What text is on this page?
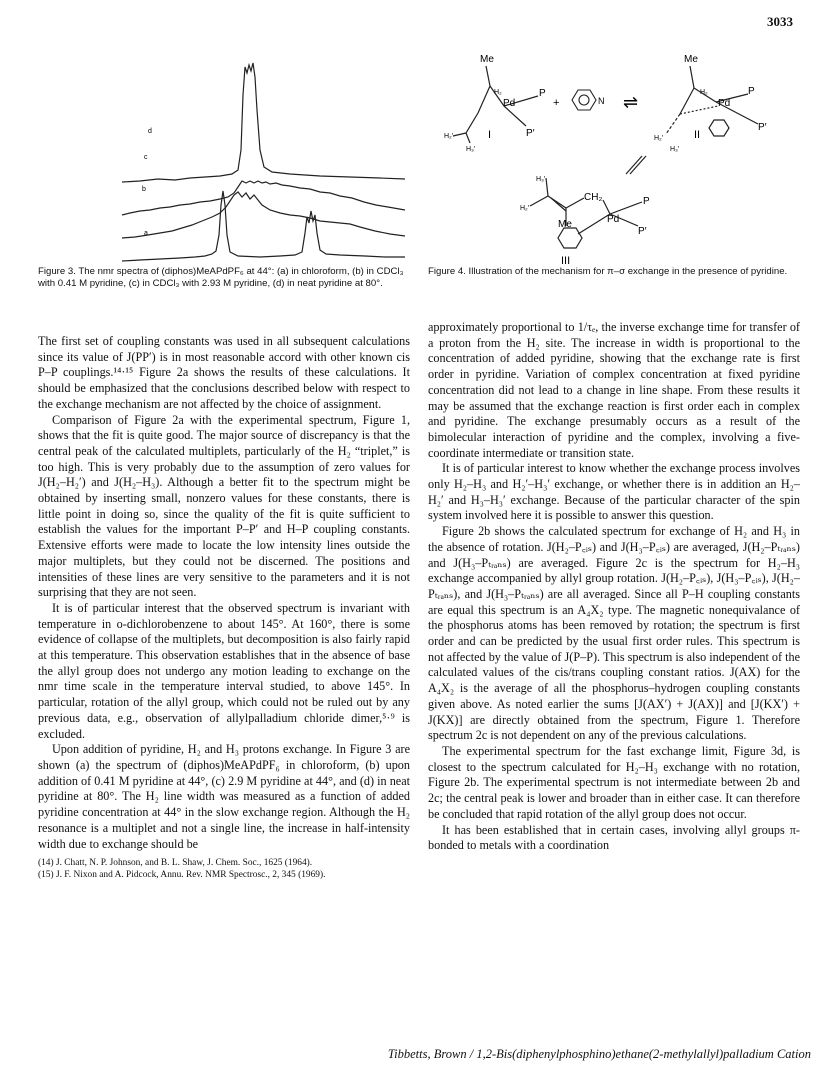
3033
d
c
b
a
Figure 3. The nmr spectra of (diphos)MeAPdPF₆ at 44°: (a) in chloroform, (b) in CDCl₃ with 0.41 M pyridine, (c) in CDCl₃ with 2.93 M pyridine, (d) in neat pyridine at 80°.
Me
Pd
P
P′
H₂
H₂′
H₃′
I
+	N ⇌
Me
Pd
P
P′
H₂
H₂′
H₃′
II
H₃′
H₂′
CH₂
Pd
P
P′
Me
III
Figure 4. Illustration of the mechanism for π–σ exchange in the presence of pyridine.

The first set of coupling constants was used in all subsequent calculations since its value of J(PP′) is in most reasonable accord with other known cis P–P couplings.¹⁴·¹⁵ Figure 2a shows the results of these calculations. It should be emphasized that the conclusions described below with respect to the exchange mechanism are not affected by the choice of assignment.

Comparison of Figure 2a with the experimental spectrum, Figure 1, shows that the fit is quite good. The major source of discrepancy is that the central peak of the calculated multiplets, particularly of the H₂ “triplet,” is too high. This is very probably due to the assumption of zero values for J(H₂–H₂′) and J(H₂–H₃). Although a better fit to the spectrum might be obtained by inserting small, nonzero values for these constants, there is little point in doing so, since the quality of the fit is quite sufficient to establish the values for the important P–P′ and H–P coupling constants. Extensive efforts were made to locate the low intensity lines outside the major multiplets, but they could not be discerned. The positions and intensities of these lines are very sensitive to the parameters and it is not surprising that they are not seen.

It is of particular interest that the observed spectrum is invariant with temperature in o-dichlorobenzene to about 145°. At 160°, there is some evidence of collapse of the multiplets, but decomposition is also fairly rapid at this temperature. This observation establishes that in the absence of base the allyl group does not undergo any motion leading to exchange on the nmr time scale in the temperature interval studied, to above 145°. In particular, rotation of the allyl group, which could not be ruled out by any previous data, e.g., observation of allylpalladium chloride dimer,⁵·⁹ is excluded.

Upon addition of pyridine, H₂ and H₃ protons exchange. In Figure 3 are shown (a) the spectrum of (diphos)MeAPdPF₆ in chloroform, (b) upon addition of 0.41 M pyridine at 44°, (c) 2.9 M pyridine at 44°, and (d) in neat pyridine at 80°. The H₂ line width was measured as a function of added pyridine concentration at 44° in the slow exchange region. Although the H₂ resonance is a multiplet and not a single line, the increase in half-intensity width due to exchange should be

(14) J. Chatt, N. P. Johnson, and B. L. Shaw, J. Chem. Soc., 1625 (1964).
(15) J. F. Nixon and A. Pidcock, Annu. Rev. NMR Spectrosc., 2, 345 (1969).

approximately proportional to 1/τₑ, the inverse exchange time for transfer of a proton from the H₂ site. The increase in width is proportional to the concentration of added pyridine, showing that the exchange rate is first order in pyridine. Variation of complex concentration at fixed pyridine concentration did not lead to a change in line shape. From these results it may be assumed that the exchange reaction is first order each in complex and pyridine. The exchange presumably occurs as a result of the bimolecular interaction of pyridine and the complex, involving a five-coordinate intermediate or transition state.

It is of particular interest to know whether the exchange process involves only H₂–H₃ and H₂′–H₃′ exchange, or whether there is in addition an H₂–H₂′ and H₃–H₃′ exchange. Because of the particular character of the spin system involved here it is possible to answer this question.

Figure 2b shows the calculated spectrum for exchange of H₂ and H₃ in the absence of rotation. J(H₂–P꜀ᵢₛ) and J(H₃–P꜀ᵢₛ) are averaged, J(H₂–Pₜᵣₐₙₛ) and J(H₃–Pₜᵣₐₙₛ) are averaged. Figure 2c is the spectrum for H₂–H₃ exchange accompanied by allyl group rotation. J(H₂–P꜀ᵢₛ), J(H₃–P꜀ᵢₛ), J(H₂–Pₜᵣₐₙₛ), and J(H₃–Pₜᵣₐₙₛ) are all averaged. Since all P–H coupling constants are equal this spectrum is an A₄X₂ type. The magnetic nonequivalance of the phosphorus atoms has been removed by rotation; the spectrum is first order and can be predicted by the usual first order rules. This spectrum is not affected by the value of J(P–P). This spectrum is also independent of the calculated values of the cis/trans coupling constant ratios. J(AX) for the A₄X₂ is the average of all the phosphorus–hydrogen coupling constants given above. As noted earlier the sums [J(AX′) + J(AX)] and [J(KX′) + J(KX)] are directly obtained from the spectrum, Figure 1. Therefore spectrum 2c is not dependent on any of the previous calculations.

The experimental spectrum for the fast exchange limit, Figure 3d, is closest to the spectrum calculated for H₂–H₃ exchange with no rotation, Figure 2b. The experimental spectrum is not intermediate between 2b and 2c; the central peak is lower and broader than in either case. It can therefore be concluded that rapid rotation of the allyl group does not occur.

It has been established that in certain cases, involving allyl groups π-bonded to metals with a coordination

Tibbetts, Brown / 1,2-Bis(diphenylphosphino)ethane(2-methylallyl)palladium Cation
